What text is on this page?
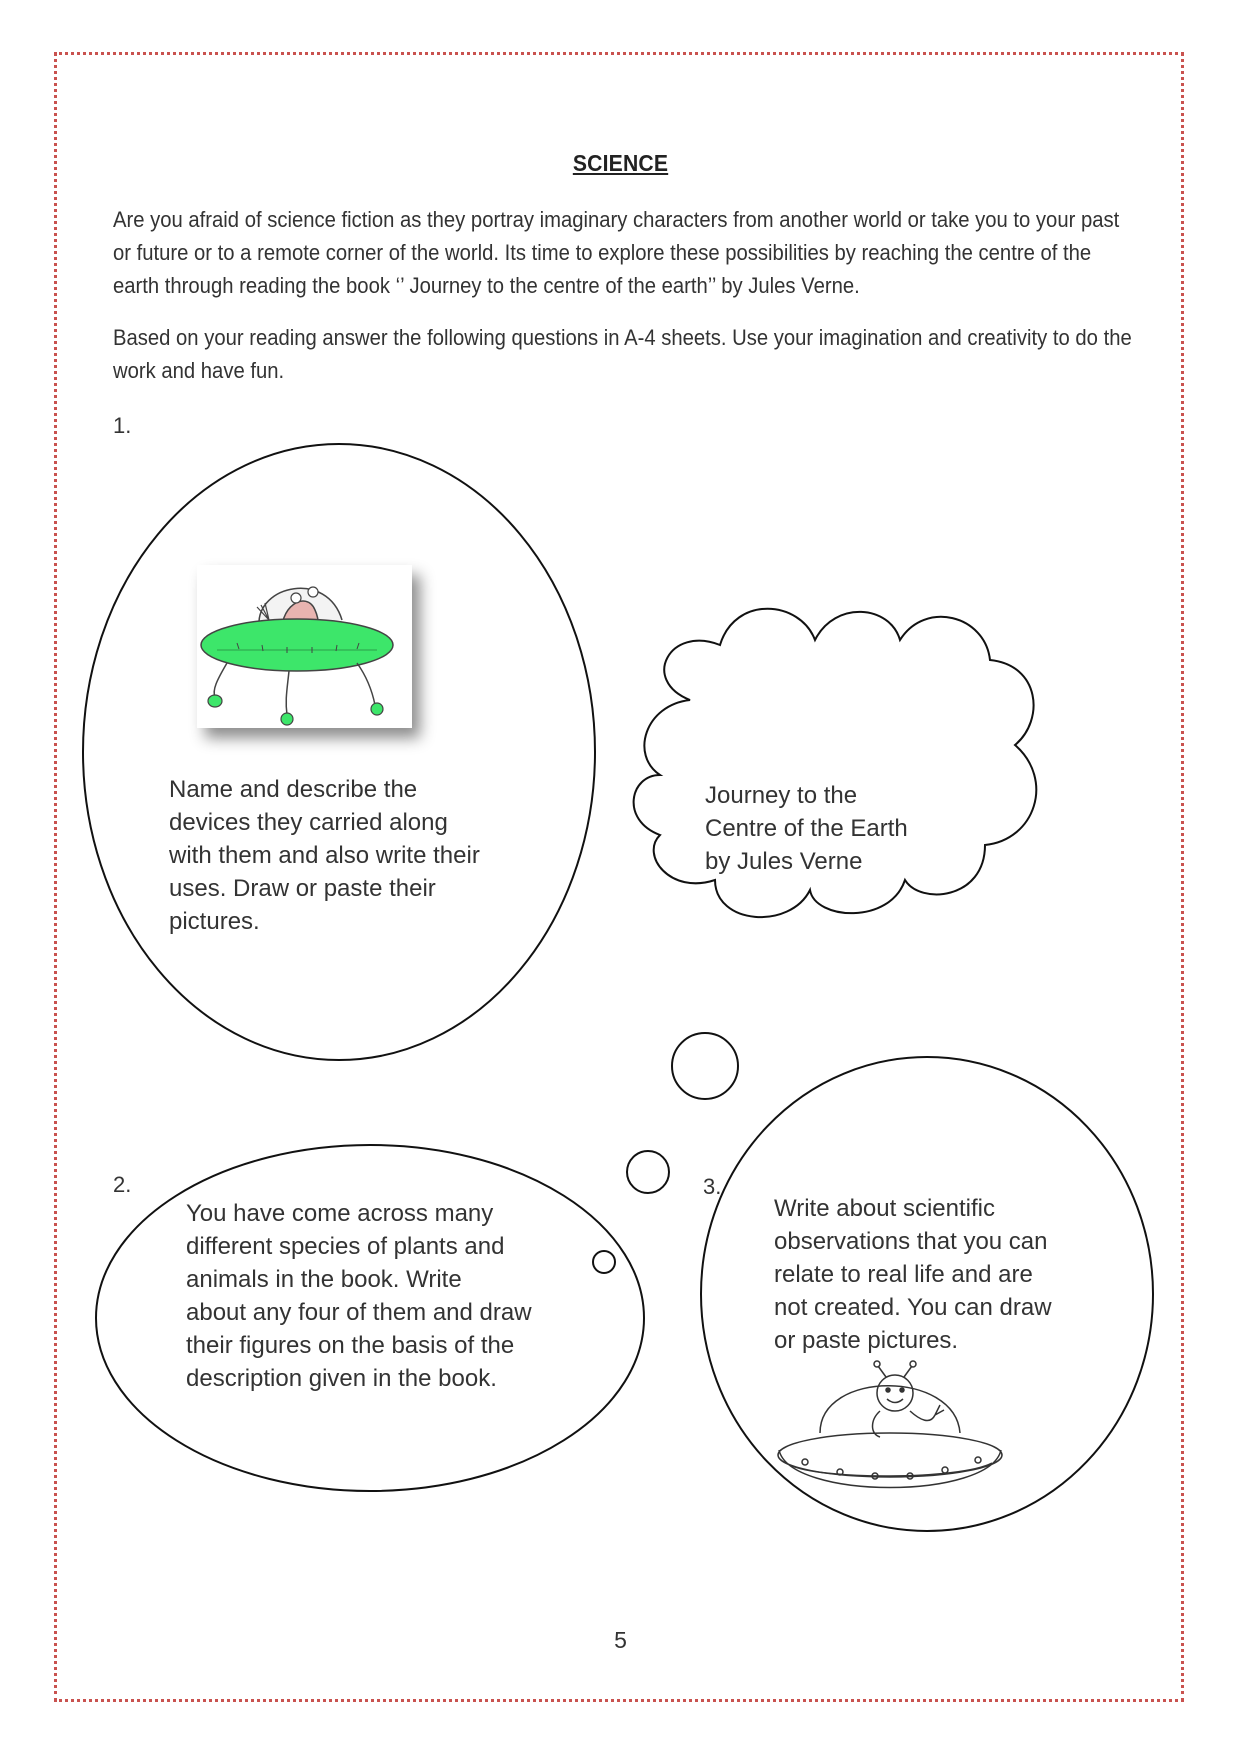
SCIENCE

Are you afraid of science fiction as they portray imaginary characters from another world or take you to your past or future or to a remote corner of the world. Its time to explore these possibilities by reaching the centre of the earth through reading the book ‘’ Journey to the centre of the earth’’ by Jules Verne.

Based on your reading answer the following questions in A-4 sheets. Use your imagination and creativity to do the work and have fun.

1.
2.	3.
Name and describe the
devices they carried along
with them and also write their
uses. Draw or paste their
pictures.
Journey to the
Centre of the Earth
by Jules Verne
You have come across many
different species of plants and
animals in the book. Write
about any four of them and draw
their figures on the basis of the
description given in the book.
Write about scientific
observations that you can
relate to real life and are
not created. You can draw
or paste pictures.
5
